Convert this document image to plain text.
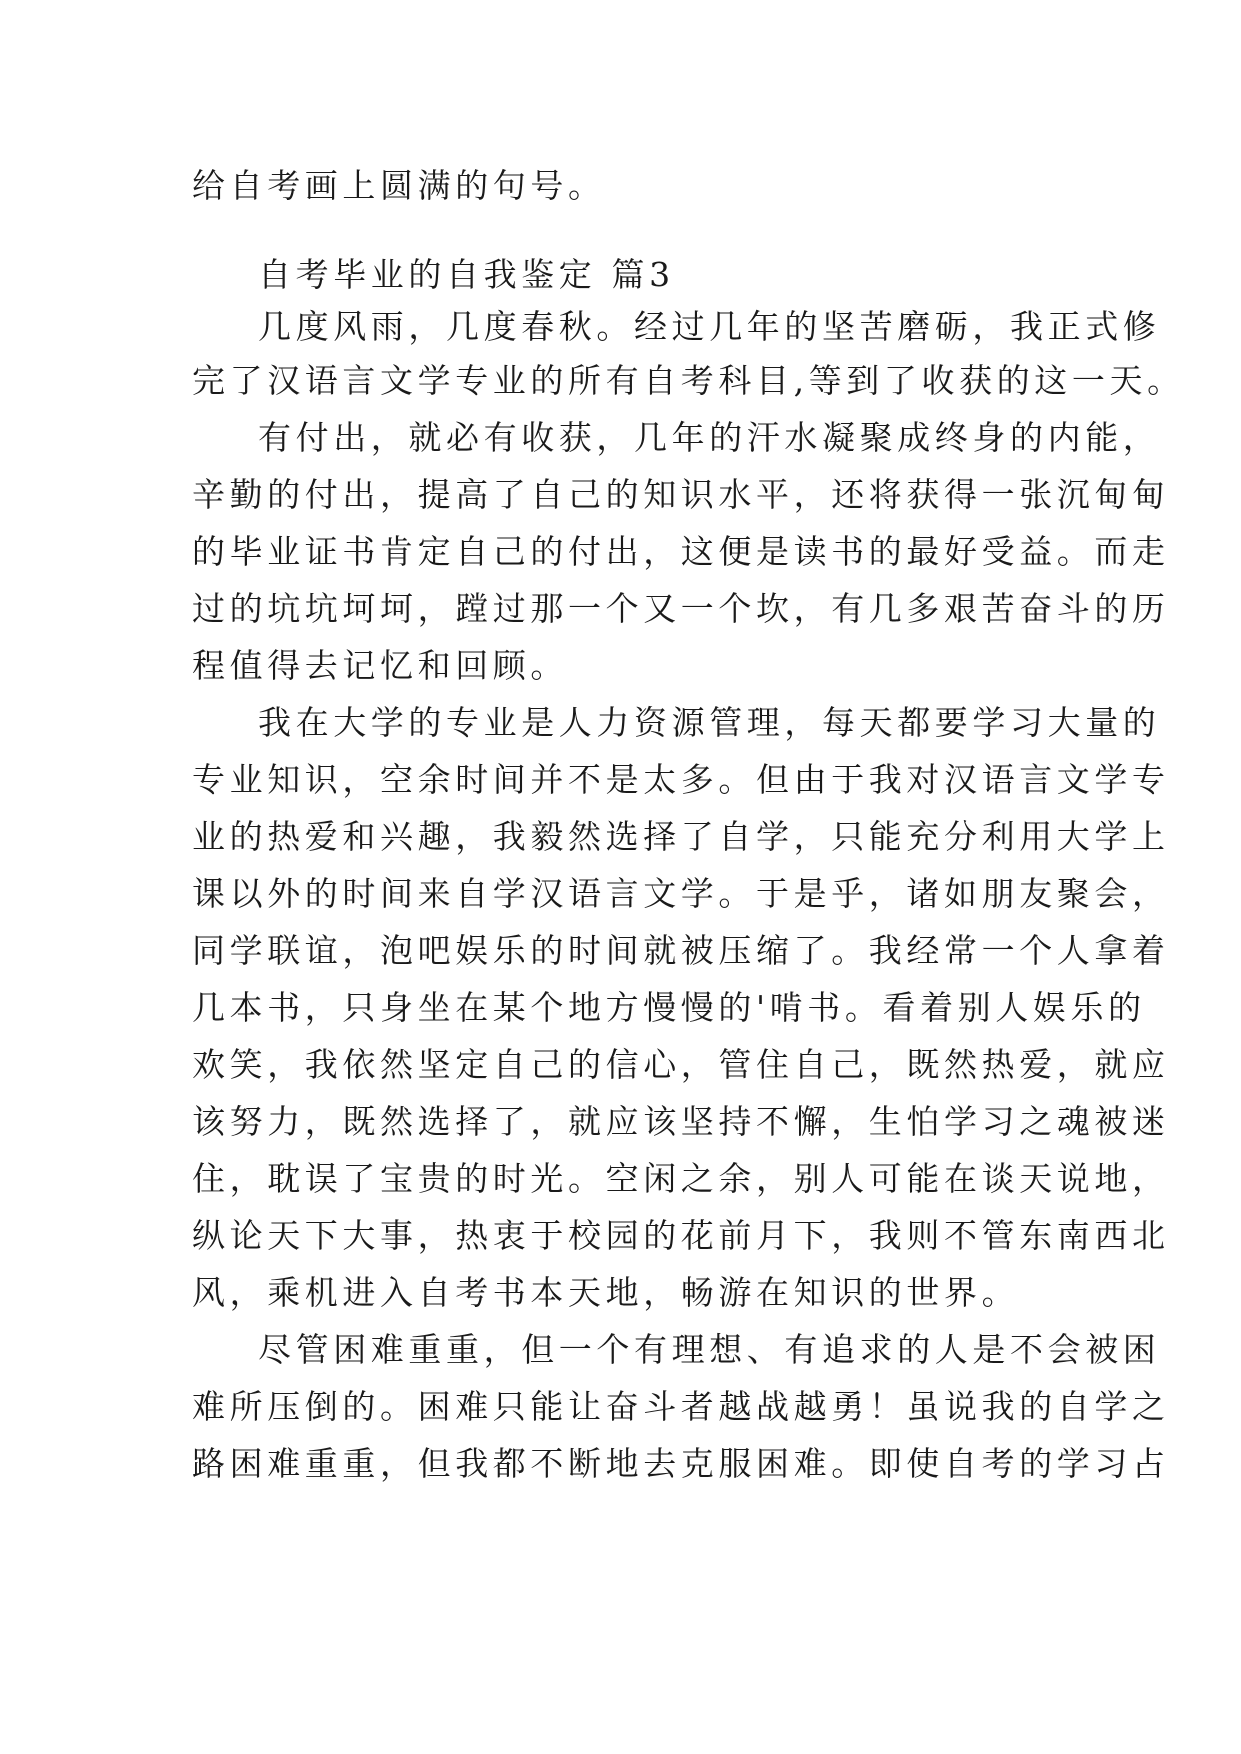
给自考画上圆满的句号。
自考毕业的自我鉴定 篇3
几度风雨，几度春秋。经过几年的坚苦磨砺，我正式修
完了汉语言文学专业的所有自考科目,等到了收获的这一天。
有付出，就必有收获，几年的汗水凝聚成终身的内能，
辛勤的付出，提高了自己的知识水平，还将获得一张沉甸甸
的毕业证书肯定自己的付出，这便是读书的最好受益。而走
过的坑坑坷坷，蹚过那一个又一个坎，有几多艰苦奋斗的历
程值得去记忆和回顾。
我在大学的专业是人力资源管理，每天都要学习大量的
专业知识，空余时间并不是太多。但由于我对汉语言文学专
业的热爱和兴趣，我毅然选择了自学，只能充分利用大学上
课以外的时间来自学汉语言文学。于是乎，诸如朋友聚会，
同学联谊，泡吧娱乐的时间就被压缩了。我经常一个人拿着
几本书，只身坐在某个地方慢慢的'啃书。看着别人娱乐的
欢笑，我依然坚定自己的信心，管住自己，既然热爱，就应
该努力，既然选择了，就应该坚持不懈，生怕学习之魂被迷
住，耽误了宝贵的时光。空闲之余，别人可能在谈天说地，
纵论天下大事，热衷于校园的花前月下，我则不管东南西北
风，乘机进入自考书本天地，畅游在知识的世界。
尽管困难重重，但一个有理想、有追求的人是不会被困
难所压倒的。困难只能让奋斗者越战越勇！虽说我的自学之
路困难重重，但我都不断地去克服困难。即使自考的学习占
